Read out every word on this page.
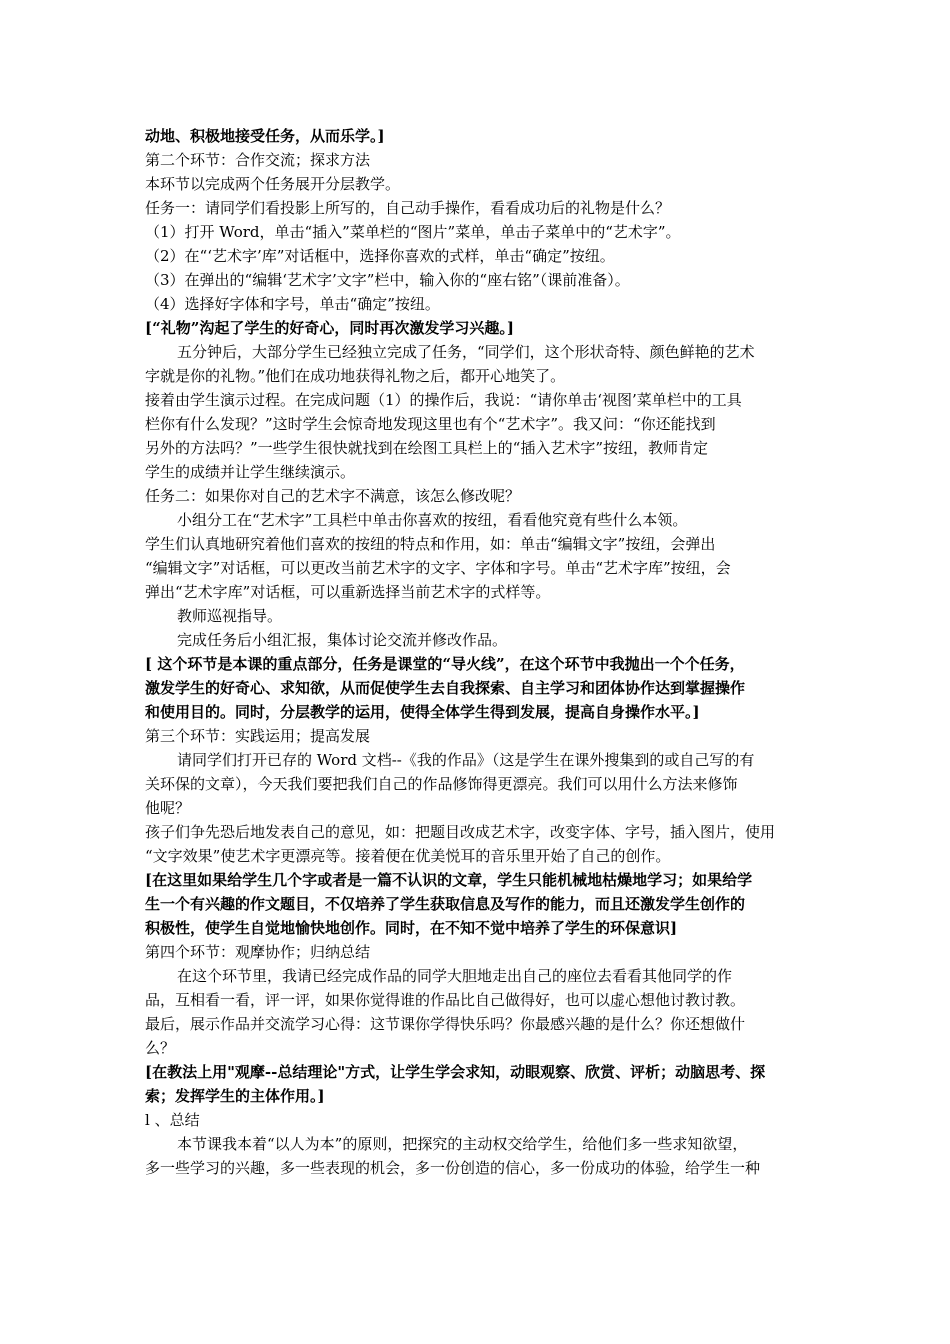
动地、积极地接受任务，从而乐学。]
第二个环节：合作交流；探求方法
本环节以完成两个任务展开分层教学。
任务一：请同学们看投影上所写的，自己动手操作，看看成功后的礼物是什么？
（1）打开 Word，单击“插入”菜单栏的“图片”菜单，单击子菜单中的“艺术字”。
（2）在“‘艺术字’库”对话框中，选择你喜欢的式样，单击“确定”按纽。
（3）在弹出的“编辑‘艺术字’文字”栏中，输入你的“座右铭”（课前准备）。
（4）选择好字体和字号，单击“确定”按纽。
[“礼物”沟起了学生的好奇心，同时再次激发学习兴趣。]
五分钟后，大部分学生已经独立完成了任务，“同学们，这个形状奇特、颜色鲜艳的艺术
字就是你的礼物。”他们在成功地获得礼物之后，都开心地笑了。
接着由学生演示过程。在完成问题（1）的操作后，我说：“请你单击‘视图’菜单栏中的工具
栏你有什么发现？”这时学生会惊奇地发现这里也有个“艺术字”。我又问：“你还能找到
另外的方法吗？”一些学生很快就找到在绘图工具栏上的“插入艺术字”按纽，教师肯定
学生的成绩并让学生继续演示。
任务二：如果你对自己的艺术字不满意，该怎么修改呢？
小组分工在“艺术字”工具栏中单击你喜欢的按纽，看看他究竟有些什么本领。
学生们认真地研究着他们喜欢的按纽的特点和作用，如：单击“编辑文字”按纽，会弹出
“编辑文字”对话框，可以更改当前艺术字的文字、字体和字号。单击“艺术字库”按纽，会
弹出“艺术字库”对话框，可以重新选择当前艺术字的式样等。
教师巡视指导。
完成任务后小组汇报，集体讨论交流并修改作品。
[ 这个环节是本课的重点部分，任务是课堂的“导火线”，在这个环节中我抛出一个个任务，
激发学生的好奇心、求知欲，从而促使学生去自我探索、自主学习和团体协作达到掌握操作
和使用目的。同时，分层教学的运用，使得全体学生得到发展，提高自身操作水平。]
第三个环节：实践运用；提高发展
请同学们打开已存的 Word 文档--《我的作品》（这是学生在课外搜集到的或自己写的有
关环保的文章），今天我们要把我们自己的作品修饰得更漂亮。我们可以用什么方法来修饰
他呢？
孩子们争先恐后地发表自己的意见，如：把题目改成艺术字，改变字体、字号，插入图片，使用
“文字效果”使艺术字更漂亮等。接着便在优美悦耳的音乐里开始了自己的创作。
[在这里如果给学生几个字或者是一篇不认识的文章，学生只能机械地枯燥地学习；如果给学
生一个有兴趣的作文题目，不仅培养了学生获取信息及写作的能力，而且还激发学生创作的
积极性，使学生自觉地愉快地创作。同时，在不知不觉中培养了学生的环保意识]
第四个环节：观摩协作；归纳总结
在这个环节里，我请已经完成作品的同学大胆地走出自己的座位去看看其他同学的作
品，互相看一看，评一评，如果你觉得谁的作品比自己做得好，也可以虚心想他讨教讨教。
最后，展示作品并交流学习心得：这节课你学得快乐吗？你最感兴趣的是什么？你还想做什
么？
[在教法上用"观摩--总结理论"方式，让学生学会求知，动眼观察、欣赏、评析；动脑思考、探
索；发挥学生的主体作用。]
l 、总结
本节课我本着“以人为本”的原则，把探究的主动权交给学生，给他们多一些求知欲望，
多一些学习的兴趣，多一些表现的机会，多一份创造的信心，多一份成功的体验，给学生一种
